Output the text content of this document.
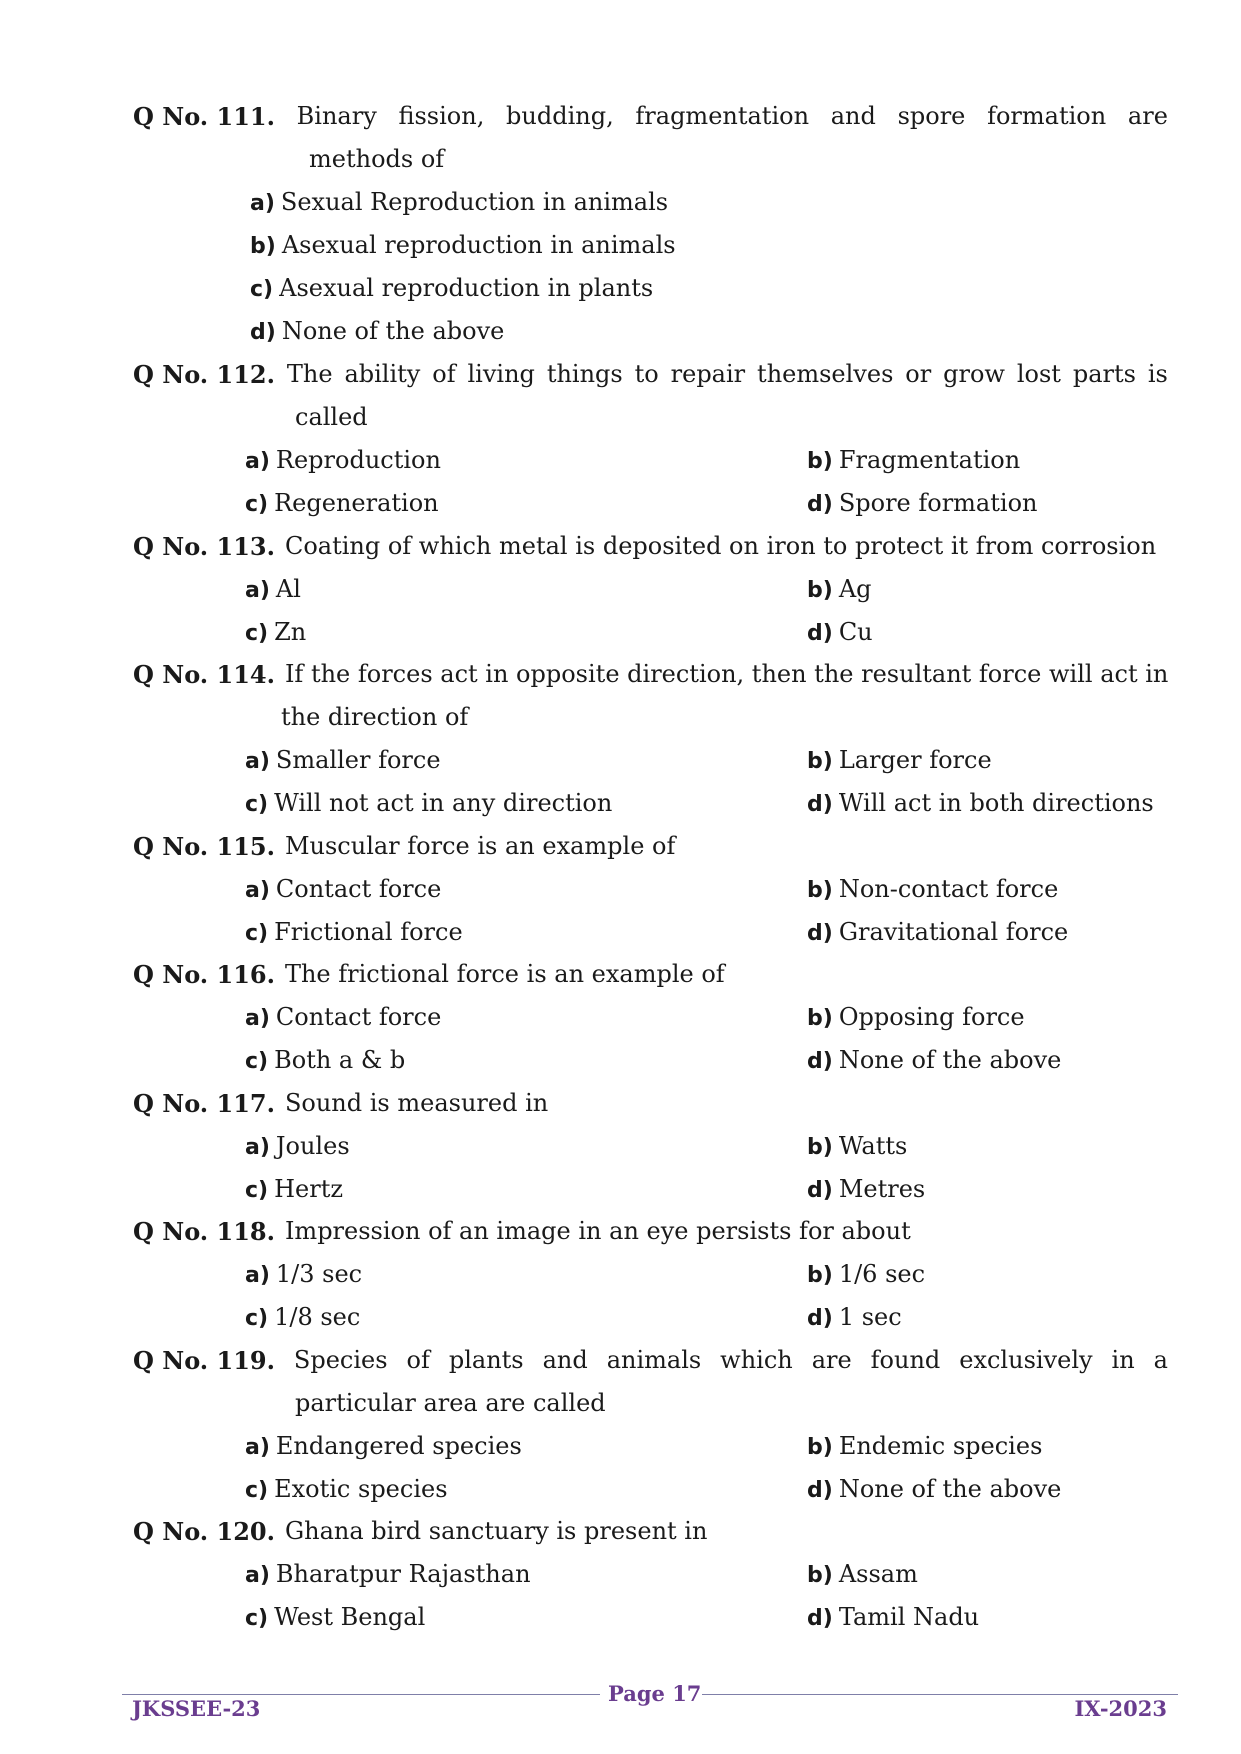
Q No. 111. Binary fission, budding, fragmentation and spore formation are
methods of
a) Sexual Reproduction in animals
b) Asexual reproduction in animals
c) Asexual reproduction in plants
d) None of the above
Q No. 112. The ability of living things to repair themselves or grow lost parts is
called
a) Reproduction	b) Fragmentation
c) Regeneration	d) Spore formation
Q No. 113. Coating of which metal is deposited on iron to protect it from corrosion
a) Al	b) Ag
c) Zn	d) Cu
Q No. 114. If the forces act in opposite direction, then the resultant force will act in
the direction of
a) Smaller force	b) Larger force
c) Will not act in any direction	d) Will act in both directions
Q No. 115. Muscular force is an example of
a) Contact force	b) Non-contact force
c) Frictional force	d) Gravitational force
Q No. 116. The frictional force is an example of
a) Contact force	b) Opposing force
c) Both a & b	d) None of the above
Q No. 117. Sound is measured in
a) Joules	b) Watts
c) Hertz	d) Metres
Q No. 118. Impression of an image in an eye persists for about
a) 1/3 sec	b) 1/6 sec
c) 1/8 sec	d) 1 sec
Q No. 119. Species of plants and animals which are found exclusively in a
particular area are called
a) Endangered species	b) Endemic species
c) Exotic species	d) None of the above
Q No. 120. Ghana bird sanctuary is present in
a) Bharatpur Rajasthan	b) Assam
c) West Bengal	d) Tamil Nadu
JKSSEE-23
Page 17
IX-2023
